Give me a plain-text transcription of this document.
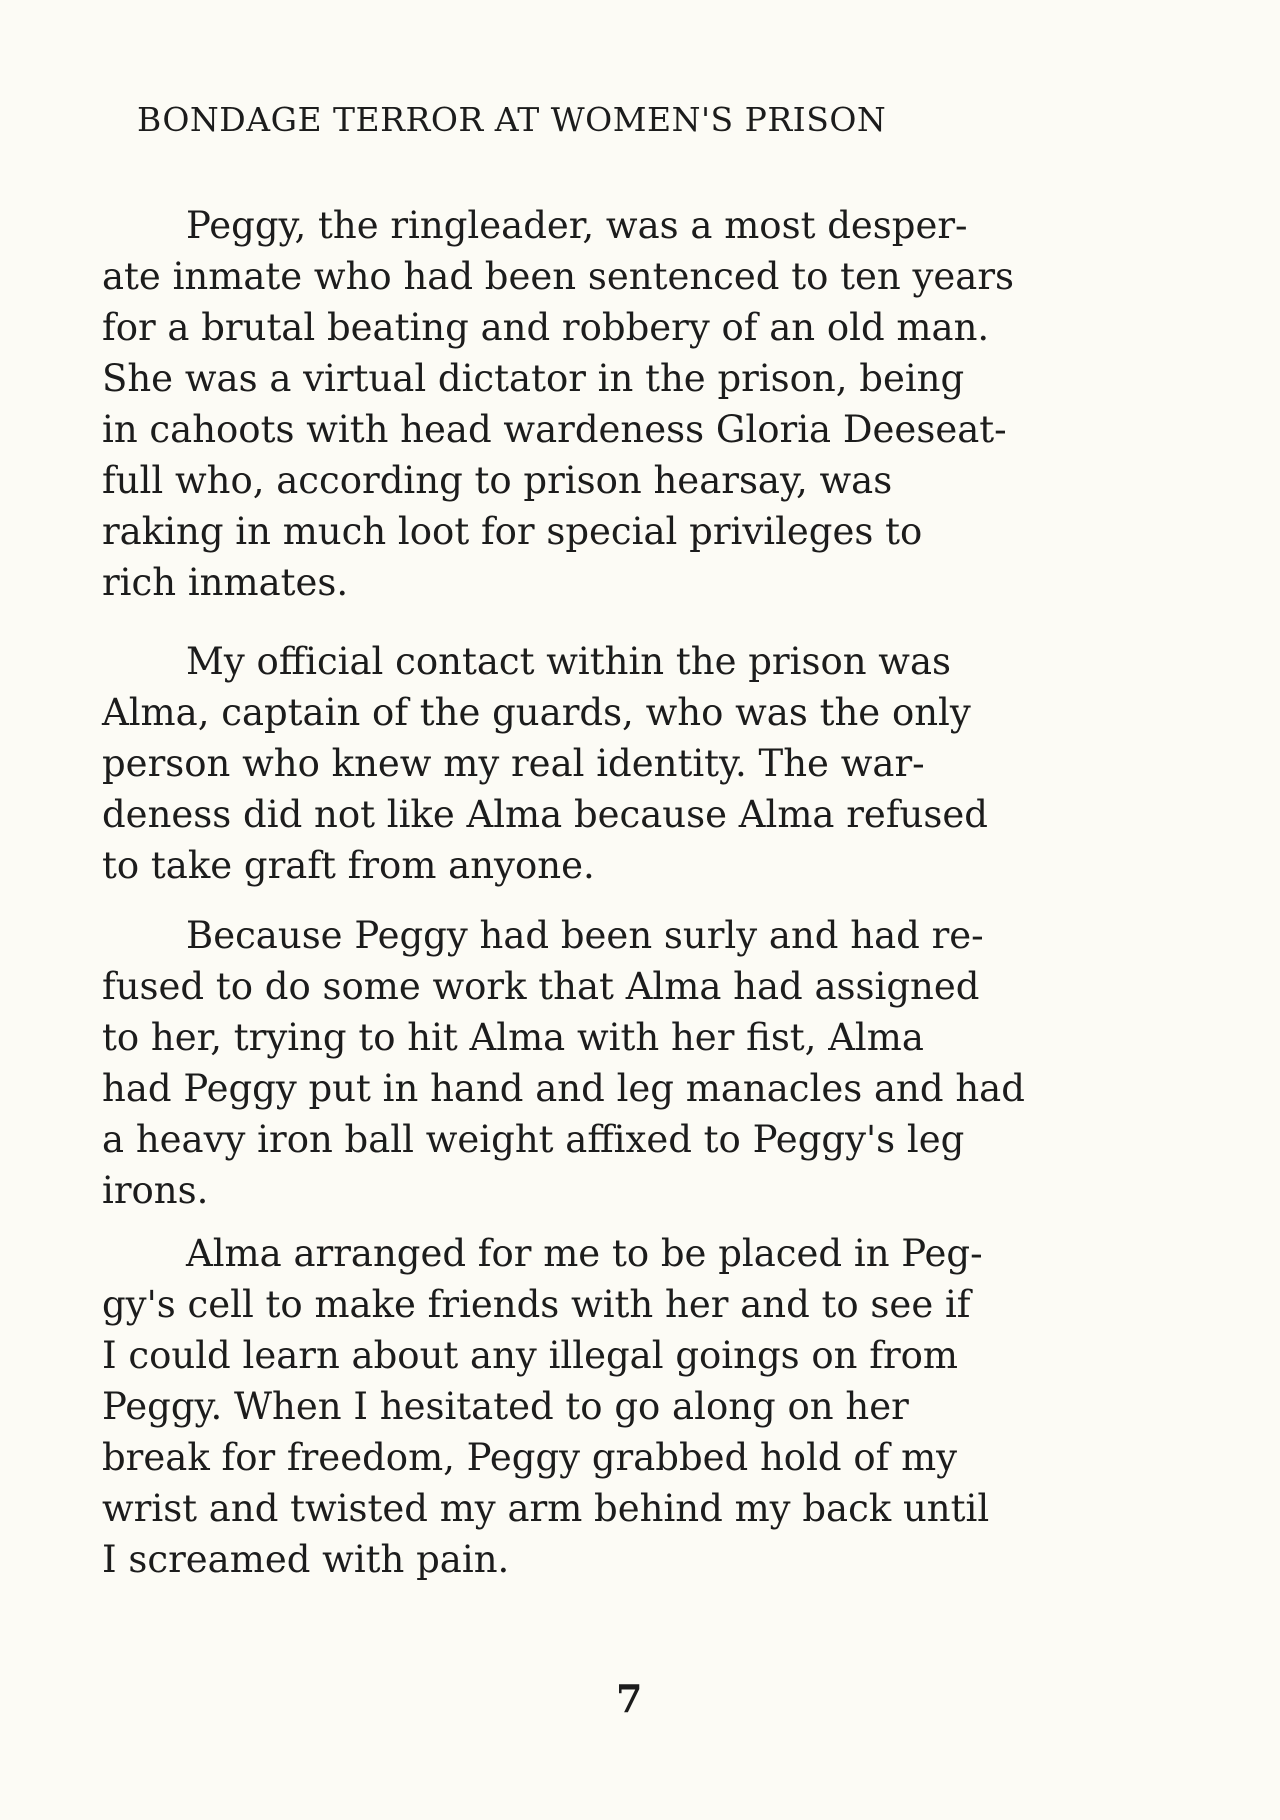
BONDAGE TERROR AT WOMEN'S PRISON
Peggy, the ringleader, was a most desper-
ate inmate who had been sentenced to ten years
for a brutal beating and robbery of an old man.
She was a virtual dictator in the prison, being
in cahoots with head wardeness Gloria Deeseat-
full who, according to prison hearsay, was
raking in much loot for special privileges to
rich inmates.
My official contact within the prison was
Alma, captain of the guards, who was the only
person who knew my real identity. The war-
deness did not like Alma because Alma refused
to take graft from anyone.
Because Peggy had been surly and had re-
fused to do some work that Alma had assigned
to her, trying to hit Alma with her fist, Alma
had Peggy put in hand and leg manacles and had
a heavy iron ball weight affixed to Peggy's leg
irons.
Alma arranged for me to be placed in Peg-
gy's cell to make friends with her and to see if
I could learn about any illegal goings on from
Peggy. When I hesitated to go along on her
break for freedom, Peggy grabbed hold of my
wrist and twisted my arm behind my back until
I screamed with pain.
7
